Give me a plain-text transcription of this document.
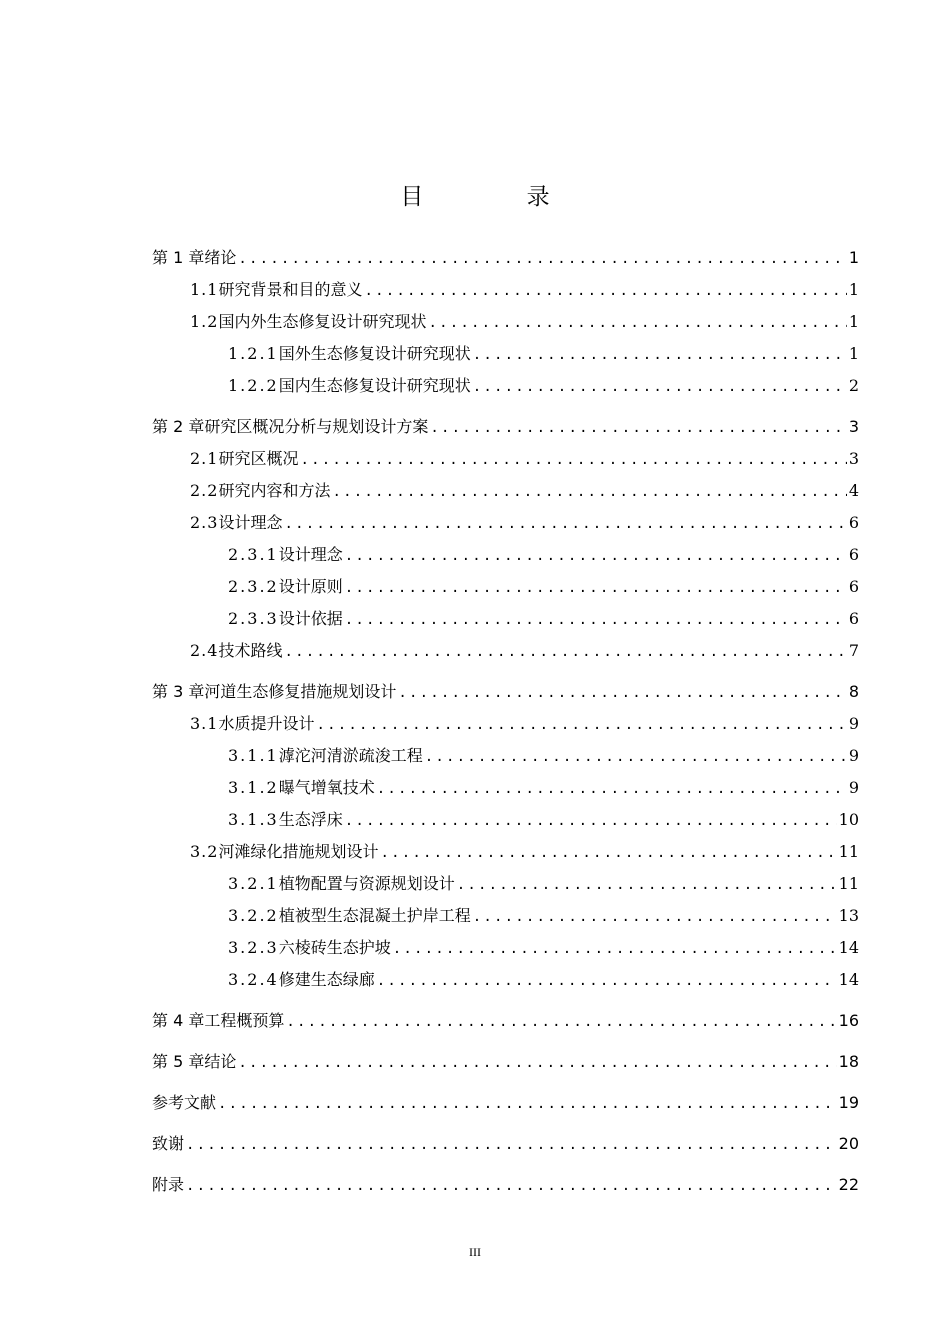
目 录
第 1 章 绪论 .....	1
1.1 研究背景和目的意义 .....	1
1.2 国内外生态修复设计研究现状 .....	1
1.2.1 国外生态修复设计研究现状 .....	1
1.2.2 国内生态修复设计研究现状 .....	2
第 2 章 研究区概况分析与规划设计方案 .....	3
2.1 研究区概况 .....	3
2.2 研究内容和方法 .....	4
2.3 设计理念 .....	6
2.3.1 设计理念 .....	6
2.3.2 设计原则 .....	6
2.3.3 设计依据 .....	6
2.4 技术路线 .....	7
第 3 章 河道生态修复措施规划设计 .....	8
3.1 水质提升设计 .....	9
3.1.1 滹沱河清淤疏浚工程 .....	9
3.1.2 曝气增氧技术 .....	9
3.1.3 生态浮床 .....	10
3.2 河滩绿化措施规划设计 .....	11
3.2.1 植物配置与资源规划设计 .....	11
3.2.2 植被型生态混凝土护岸工程 .....	13
3.2.3 六棱砖生态护坡 .....	14
3.2.4 修建生态绿廊 .....	14
第 4 章 工程概预算 .....	16
第 5 章 结论 .....	18
参考文献 .....	19
致谢 .....	20
附录 .....	22
III
